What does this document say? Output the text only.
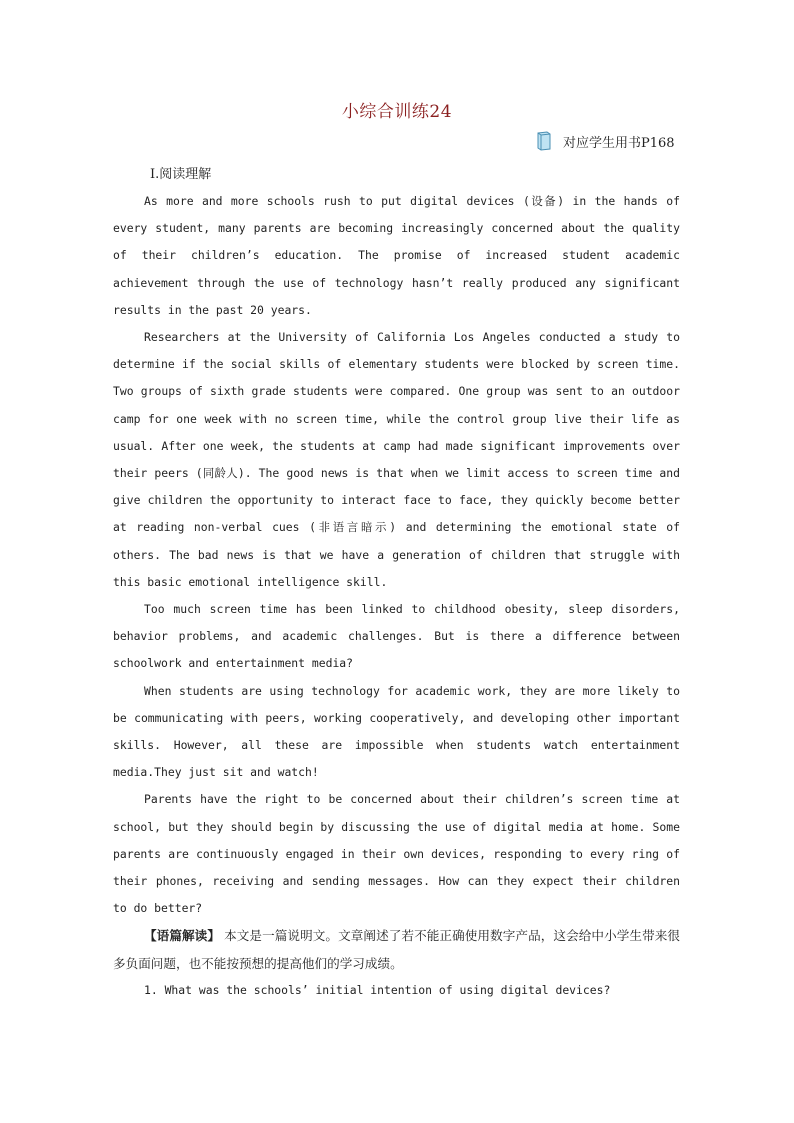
小综合训练24
对应学生用书P168
Ⅰ.阅读理解

As more and more schools rush to put digital devices (设备) in the hands of every student, many parents are becoming increasingly concerned about the quality of their children’s education. The promise of increased student academic achievement through the use of technology hasn’t really produced any significant results in the past 20 years.

Researchers at the University of California Los Angeles conducted a study to determine if the social skills of elementary students were blocked by screen time. Two groups of sixth grade students were compared. One group was sent to an outdoor camp for one week with no screen time, while the control group live their life as usual. After one week, the students at camp had made significant improvements over their peers (同龄人). The good news is that when we limit access to screen time and give children the opportunity to interact face to face, they quickly become better at reading non-verbal cues (非语言暗示) and determining the emotional state of others. The bad news is that we have a generation of children that struggle with this basic emotional intelligence skill.

Too much screen time has been linked to childhood obesity, sleep disorders, behavior problems, and academic challenges. But is there a difference between schoolwork and entertainment media?

When students are using technology for academic work, they are more likely to be communicating with peers, working cooperatively, and developing other important skills. However, all these are impossible when students watch entertainment media.They just sit and watch!

Parents have the right to be concerned about their children’s screen time at school, but they should begin by discussing the use of digital media at home. Some parents are continuously engaged in their own devices, responding to every ring of their phones, receiving and sending messages. How can they expect their children to do better?

【语篇解读】 本文是一篇说明文。文章阐述了若不能正确使用数字产品，这会给中小学生带来很多负面问题，也不能按预想的提高他们的学习成绩。

1. What was the schools’ initial intention of using digital devices?
